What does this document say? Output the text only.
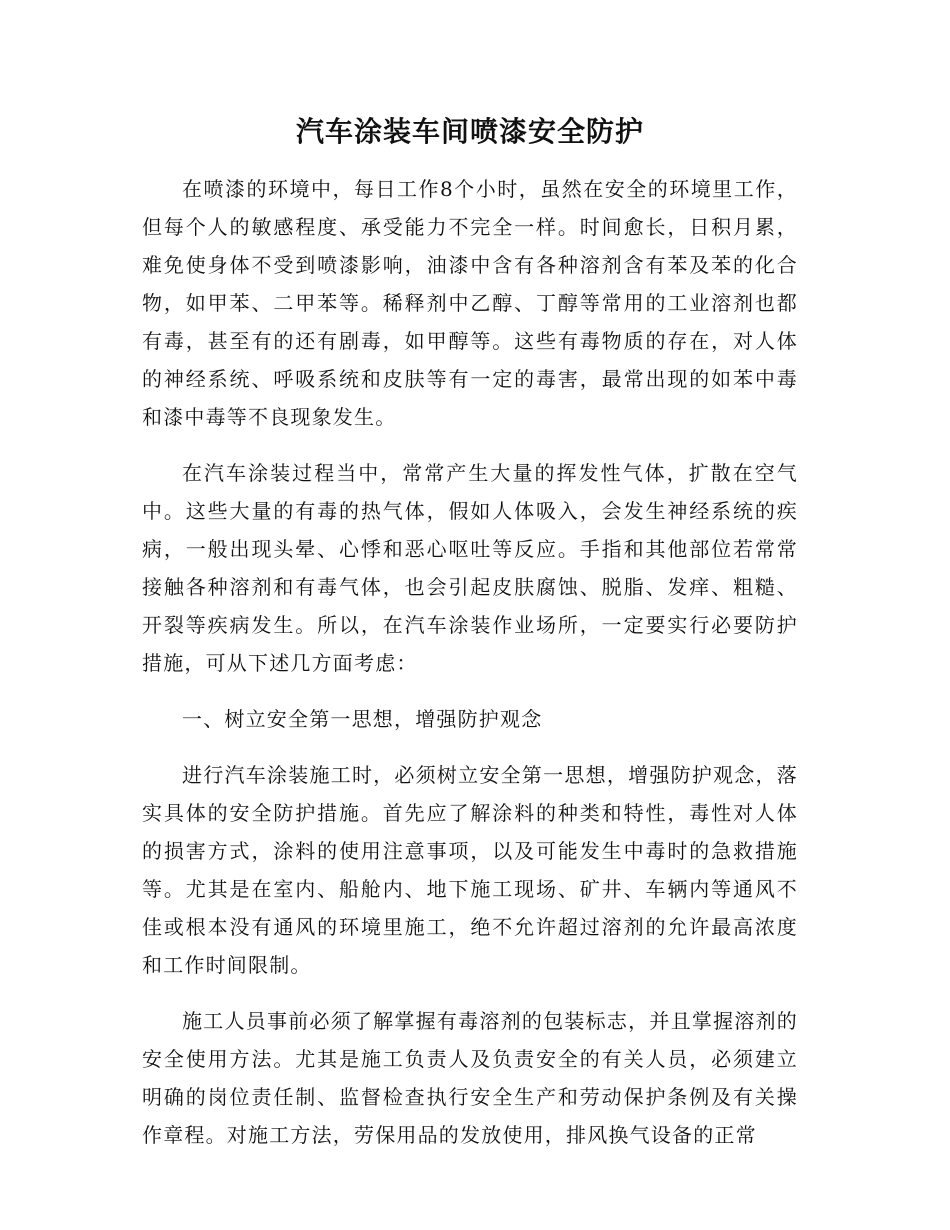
汽车涂装车间喷漆安全防护

在喷漆的环境中，每日工作8个小时，虽然在安全的环境里工作，但每个人的敏感程度、承受能力不完全一样。时间愈长，日积月累，难免使身体不受到喷漆影响，油漆中含有各种溶剂含有苯及苯的化合物，如甲苯、二甲苯等。稀释剂中乙醇、丁醇等常用的工业溶剂也都有毒，甚至有的还有剧毒，如甲醇等。这些有毒物质的存在，对人体的神经系统、呼吸系统和皮肤等有一定的毒害，最常出现的如苯中毒和漆中毒等不良现象发生。

在汽车涂装过程当中，常常产生大量的挥发性气体，扩散在空气中。这些大量的有毒的热气体，假如人体吸入，会发生神经系统的疾病，一般出现头晕、心悸和恶心呕吐等反应。手指和其他部位若常常接触各种溶剂和有毒气体，也会引起皮肤腐蚀、脱脂、发痒、粗糙、开裂等疾病发生。所以，在汽车涂装作业场所，一定要实行必要防护措施，可从下述几方面考虑：

一、树立安全第一思想，增强防护观念

进行汽车涂装施工时，必须树立安全第一思想，增强防护观念，落实具体的安全防护措施。首先应了解涂料的种类和特性，毒性对人体的损害方式，涂料的使用注意事项，以及可能发生中毒时的急救措施等。尤其是在室内、船舱内、地下施工现场、矿井、车辆内等通风不佳或根本没有通风的环境里施工，绝不允许超过溶剂的允许最高浓度和工作时间限制。

施工人员事前必须了解掌握有毒溶剂的包装标志，并且掌握溶剂的安全使用方法。尤其是施工负责人及负责安全的有关人员，必须建立明确的岗位责任制、监督检查执行安全生产和劳动保护条例及有关操作章程。对施工方法，劳保用品的发放使用，排风换气设备的正常
